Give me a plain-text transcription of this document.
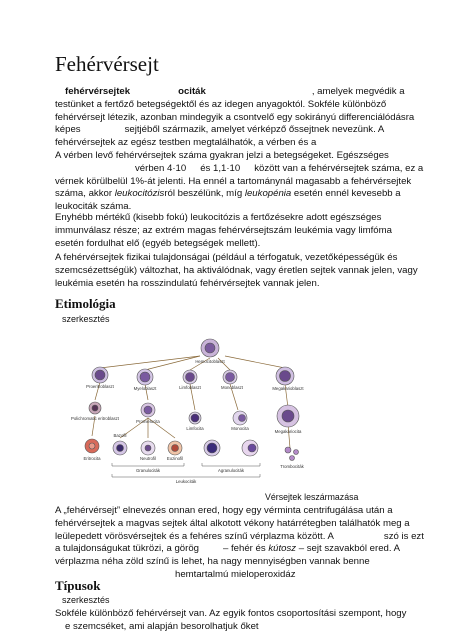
Fehérvérsejt
fehérvérsejtek	ociták	, amelyek megvédik a
testünket a fertőző betegségektől és az idegen anyagoktól. Sokféle különböző
fehérvérsejt létezik, azonban mindegyik a csontvelő egy sokirányú differenciálódásra
képes	sejtjéből származik, amelyet vérképző őssejtnek nevezünk. A
fehérvérsejtek az egész testben megtalálhatók, a vérben és a
A vérben levő fehérvérsejtek száma gyakran jelzi a betegségeket. Egészséges
vérben 4·10 és 1,1·10 között van a fehérvérsejtek száma, ez a
vérnek körülbelül 1%-át jelenti. Ha ennél a tartománynál magasabb a fehérvérsejtek
száma, akkor leukocitózisról beszélünk, míg leukopénia esetén ennél kevesebb a
leukociták száma.
Enyhébb mértékű (kisebb fokú) leukocitózis a fertőzésekre adott egészséges
immunválasz része; az extrém magas fehérvérsejtszám leukémia vagy limfóma
esetén fordulhat elő (egyéb betegségek mellett).
A fehérvérsejtek fizikai tulajdonságai (például a térfogatuk, vezetőképességük és
szemcsézettségük) változhat, ha aktiválódnak, vagy éretlen sejtek vannak jelen, vagy
leukémia esetén ha rosszindulatú fehérvérsejtek vannak jelen.
Etimológia
szerkesztés
Hemocitoblaszt
Proeritroblaszt	Myeloblaszt	Limfoblaszt	Monoblaszt	Megakarioblaszt
Polichromatic eritroblaszt
Promielocita
Limfocita	Monocita
Megakariocita
Eritrocita
Bazofil
Neutrofil	Eozinofil
Trombociták
Granulociták	Agranulociták
Leukociták
Vérsejtek leszármazása
A „fehérvérsejt” elnevezés onnan ered, hogy egy vérminta centrifugálása után a
fehérvérsejtek a magvas sejtek által alkotott vékony határrétegben találhatók meg a
leülepedett vörösvérsejtek és a fehéres színű vérplazma között. A	szó is ezt
a tulajdonságukat tükrözi, a görög	– fehér és kútosz – sejt szavakból ered. A
vérplazma néha zöld színű is lehet, ha nagy mennyiségben vannak benne
hemtartalmú mieloperoxidáz
Típusok
szerkesztés
Sokféle különböző fehérvérsejt van. Az egyik fontos csoportosítási szempont, hogy
e szemcséket, ami alapján besorolhatjuk őket
